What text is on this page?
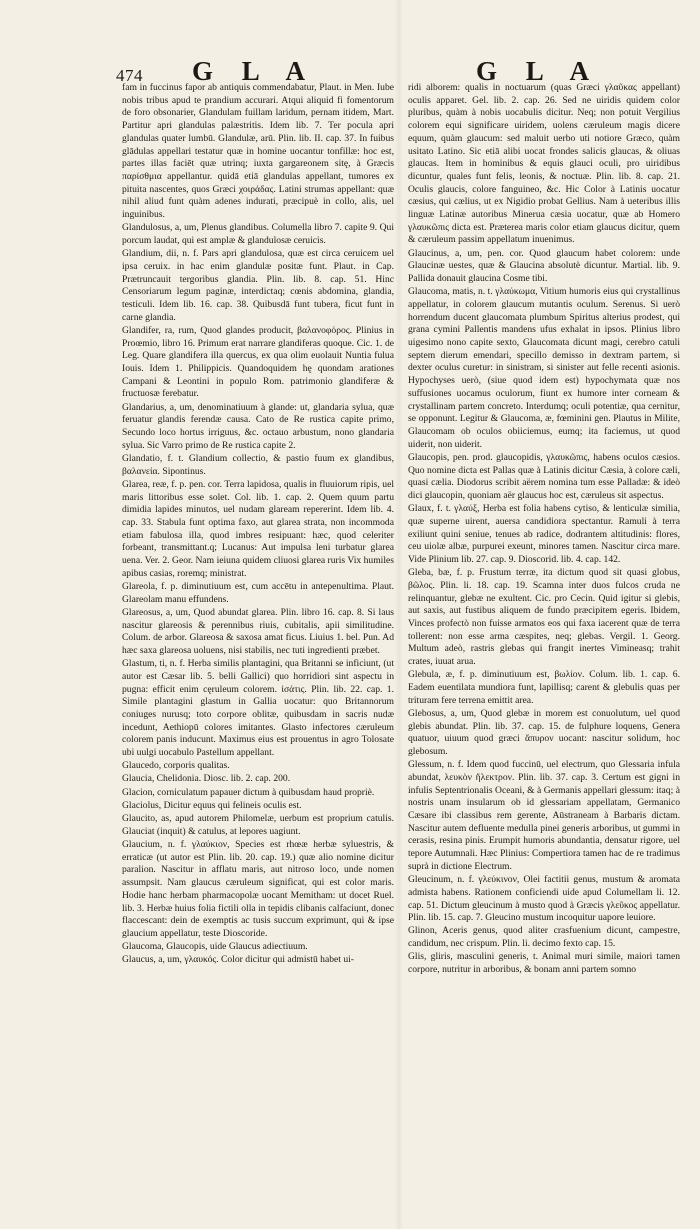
474 G L A	G L A

fam in fuccinus fapor ab antiquis commendabatur, Plaut. in Men. Iube nobis tribus apud te prandium accurari. Atqui aliquid fi fomentorum de foro obsonarier, Glandulam fuillam laridum, pernam itidem, Mart. Partitur apri glandulas palæstritis. Idem lib. 7. Ter pocula apri glandulas quater lumbū. Glandulæ, arū. Plin. lib. II. cap. 37. In fuibus glādulas appellari testatur quæ in homine uocantur tonfillæ: hoc est, partes illas faciēt quæ utrinq; iuxta gargareonem sitę, à Græcis παρίσθμια appellantur. quidā etiā glandulas appellant, tumores ex pituita nascentes, quos Græci χοιράδας. Latini strumas appellant: quæ nihil aliud funt quàm adenes indurati, præcipuè in collo, alis, uel inguinibus.

Glandulosus, a, um, Plenus glandibus. Columella libro 7. capite 9. Qui porcum laudat, qui est amplæ & glandulosæ ceruicis.

Glandium, dii, n. f. Pars apri glandulosa, quæ est circa ceruicem uel ipsa ceruix. in hac enim glandulæ positæ funt. Plaut. in Cap. Prætruncauit tergoribus glandia. Plin. lib. 8. cap. 51. Hinc Censoriarum legum paginæ, interdictaq; cœnis abdomina, glandia, testiculi. Idem lib. 16. cap. 38. Quibusdā funt tubera, ficut funt in carne glandia.

Glandifer, ra, rum, Quod glandes producit, βαλανοφόρος. Plinius in Proœmio, libro 16. Primum erat narrare glandiferas quoque. Cic. 1. de Leg. Quare glandifera illa quercus, ex qua olim euolauit Nuntia fulua Iouis. Idem 1. Philippicis. Quandoquidem hę quondam arationes Campani & Leontini in populo Rom. patrimonio glandiferæ & fructuosæ ferebatur.

Glandarius, a, um, denominatiuum à glande: ut, glandaria sylua, quæ feruatur glandis ferendæ causa. Cato de Re rustica capite primo, Secundo loco hortus irriguus, &c. octauo arbustum, nono glandaria sylua. Sic Varro primo de Re rustica capite 2.

Glandatio, f. t. Glandium collectio, & pastio fuum ex glandibus, βαλανεία. Sipontinus.

Glarea, reæ, f. p. pen. cor. Terra lapidosa, qualis in fluuiorum ripis, uel maris littoribus esse solet. Col. lib. 1. cap. 2. Quem quum partu dimidia lapides minutos, uel nudam glaream repererint. Idem lib. 4. cap. 33. Stabula funt optima faxo, aut glarea strata, non incommoda etiam fabulosa illa, quod imbres resipuant: hæc, quod celeriter forbeant, transmittant.q; Lucanus: Aut impulsa leni turbatur glarea uena. Ver. 2. Geor. Nam ieiuna quidem cliuosi glarea ruris Vix humiles apibus casias, roremq; ministrat.

Glareola, f. p. diminutiuum est, cum accētu in antepenultima. Plaut. Glareolam manu effundens.

Glareosus, a, um, Quod abundat glarea. Plin. libro 16. cap. 8. Si laus nascitur glareosis & perennibus riuis, cubitalis, apii similitudine. Colum. de arbor. Glareosa & saxosa amat ficus. Liuius 1. bel. Pun. Ad hæc saxa glareosa uoluens, nisi stabilis, nec tuti ingredienti præbet.

Glastum, ti, n. f. Herba similis plantagini, qua Britanni se inficiunt, (ut autor est Cæsar lib. 5. belli Gallici) quo horridiori sint aspectu in pugna: efficit enim cęruleum colorem. ἰσάτις. Plin. lib. 22. cap. 1. Simile plantagini glastum in Gallia uocatur: quo Britannorum coniuges nurusq; toto corpore oblitæ, quibusdam in sacris nudæ incedunt, Aethiopū colores imitantes. Glasto infectores cæruleum colorem panis inducunt. Maximus eius est prouentus in agro Tolosate ubi uulgi uocabulo Pastellum appellant.

Glaucedo, corporis qualitas.

Glaucia, Chelidonia. Diosc. lib. 2. cap. 200.

Glacion, corniculatum papauer dictum à quibusdam haud propriè.

Glaciolus, Dicitur equus qui felineis oculis est.

Glaucito, as, apud autorem Philomelæ, uerbum est proprium catulis. Glauciat (inquit) & catulus, at lepores uagiunt.

Glaucium, n. f. γλαύκιον, Species est rhœæ herbæ syluestris, & erraticæ (ut autor est Plin. lib. 20. cap. 19.) quæ alio nomine dicitur paralion. Nascitur in afflatu maris, aut nitroso loco, unde nomen assumpsit. Nam glaucus cæruleum significat, qui est color maris. Hodie hanc herbam pharmacopolæ uocant Memitham: ut docet Ruel. lib. 3. Herbæ huius folia fictili olla in tepidis clibanis calfaciunt, donec flaccescant: dein de exemptis ac tusis succum exprimunt, qui & ipse glaucium appellatur, teste Dioscoride.

Glaucoma, Glaucopis, uide Glaucus adiectiuum.

Glaucus, a, um, γλαυκός. Color dicitur qui admistū habet ui-

ridi alborem: qualis in noctuarum (quas Græci γλαῦκας appellant) oculis apparet. Gel. lib. 2. cap. 26. Sed ne uiridis quidem color pluribus, quàm à nobis uocabulis dicitur. Neq; non potuit Vergilius colorem equi significare uiridem, uolens cæruleum magis dicere equum, quàm glaucum: sed maluit uerbo uti notiore Græco, quàm usitato Latino. Sic etiā alibi uocat frondes salicis glaucas, & oliuas glaucas. Item in hominibus & equis glauci oculi, pro uiridibus dicuntur, quales funt felis, leonis, & noctuæ. Plin. lib. 8. cap. 21. Oculis glaucis, colore fanguineo, &c. Hic Color à Latinis uocatur cæsius, qui cælius, ut ex Nigidio probat Gellius. Nam à ueteribus illis linguæ Latinæ autoribus Minerua cæsia uocatur, quæ ab Homero γλαυκῶπις dicta est. Præterea maris color etiam glaucus dicitur, quem & cæruleum passim appellatum inuenimus.

Glaucinus, a, um, pen. cor. Quod glaucum habet colorem: unde Glaucinæ uestes, quæ & Glaucina absolutè dicuntur. Martial. lib. 9. Pallida donauit glaucina Cosme tibi.

Glaucoma, matis, n. t. γλαύκωμα, Vitium humoris eius qui crystallinus appellatur, in colorem glaucum mutantis oculum. Serenus. Si uerò horrendum ducent glaucomata plumbum Spiritus alterius prodest, qui grana cymini Pallentis mandens ufus exhalat in ipsos. Plinius libro uigesimo nono capite sexto, Glaucomata dicunt magi, cerebro catuli septem dierum emendari, specillo demisso in dextram partem, si dexter oculus curetur: in sinistram, si sinister aut felle recenti asionis. Hypochyses uerò, (siue quod idem est) hypochymata quæ nos suffusiones uocamus oculorum, fiunt ex humore inter corneam & crystallinam partem concreto. Interdumq; oculi potentiæ, qua cernitur, se opponunt. Legitur & Glaucoma, æ, fœminini gen. Plautus in Milite, Glaucomam ob oculos obiiciemus, eumq; ita faciemus, ut quod uiderit, non uiderit.

Glaucopis, pen. prod. glaucopidis, γλαυκῶπις, habens oculos cæsios. Quo nomine dicta est Pallas quæ à Latinis dicitur Cæsia, à colore cæli, quasi cælia. Diodorus scribit aërem nomina tum esse Palladæ: & ideò dici glaucopin, quoniam aër glaucus hoc est, cæruleus sit aspectus.

Glaux, f. t. γλαύξ, Herba est folia habens cytiso, & lenticulæ similia, quæ superne uirent, auersa candidiora spectantur. Ramuli à terra exiliunt quini seniue, tenues ab radice, dodrantem altitudinis: flores, ceu uiolæ albæ, purpurei exeunt, minores tamen. Nascitur circa mare. Vide Plinium lib. 27. cap. 9. Dioscorid. lib. 4. cap. 142.

Gleba, bæ, f. p. Frustum terræ, ita dictum quod sit quasi globus, βῶλος. Plin. li. 18. cap. 19. Scamna inter duos fulcos cruda ne relinquantur, glebæ ne exultent. Cic. pro Cecin. Quid igitur si glebis, aut saxis, aut fustibus aliquem de fundo præcipitem egeris. Ibidem, Vinces profectò non fuisse armatos eos qui faxa iacerent quæ de terra tollerent: non esse arma cæspites, neq; glebas. Vergil. 1. Georg. Multum adeò, rastris glebas qui frangit inertes Vimineasq; trahit crates, iuuat arua.

Glebula, æ, f. p. diminutiuum est, βωλίον. Colum. lib. 1. cap. 6. Eadem euentilata mundiora funt, lapillisq; carent & glebulis quas per trituram fere terrena emittit area.

Glebosus, a, um, Quod glebæ in morem est conuolutum, uel quod glebis abundat. Plin. lib. 37. cap. 15. de fulphure loquens, Genera quatuor, uiuum quod græci ἄπυρον uocant: nascitur solidum, hoc glebosum.

Glessum, n. f. Idem quod fuccinū, uel electrum, quo Glessaria infula abundat, λευκὸν ἤλεκτρον. Plin. lib. 37. cap. 3. Certum est gigni in infulis Septentrionalis Oceani, & à Germanis appellari glessum: itaq; à nostris unam insularum ob id glessariam appellatam, Germanico Cæsare ibi classibus rem gerente, Aūstraneam à Barbaris dictam. Nascitur autem defluente medulla pinei generis arboribus, ut gummi in cerasis, resina pinis. Erumpit humoris abundantia, densatur rigore, uel tepore Autumnali. Hæc Plinius: Compertiora tamen hac de re tradimus suprà in dictione Electrum.

Gleucinum, n. f. γλεύκινον, Olei factitii genus, mustum & aromata admista habens. Rationem conficiendi uide apud Columellam li. 12. cap. 51. Dictum gleucinum à musto quod à Græcis γλεῦκος appellatur. Plin. lib. 15. cap. 7. Gleucino mustum incoquitur uapore leuiore.

Glinon, Aceris genus, quod aliter crasfuenium dicunt, campestre, candidum, nec crispum. Plin. li. decimo fexto cap. 15.

Glis, gliris, masculini generis, t. Animal muri simile, maiori tamen corpore, nutritur in arboribus, & bonam anni partem somno
